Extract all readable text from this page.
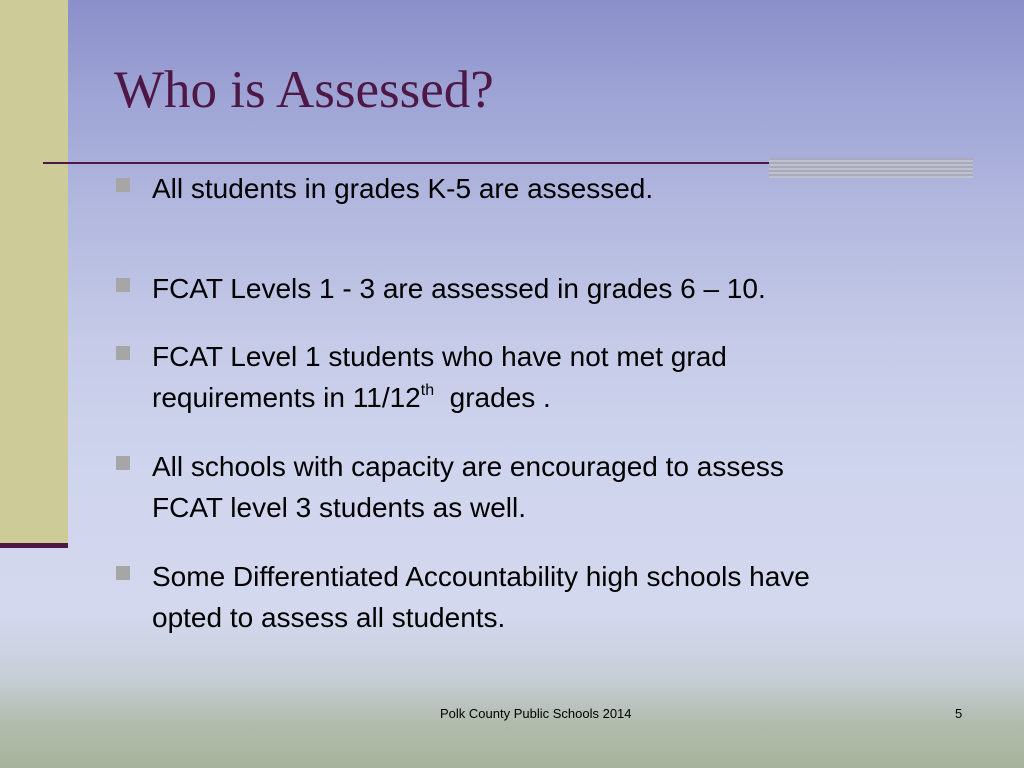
Who is Assessed?
All students in grades K-5 are assessed.
FCAT Levels 1 - 3 are assessed in grades 6 – 10.
FCAT Level 1 students who have not met grad
requirements in 11/12th  grades .
All schools with capacity are encouraged to assess
FCAT level 3 students as well.
Some Differentiated Accountability high schools have
opted to assess all students.
Polk County Public Schools 2014	5
